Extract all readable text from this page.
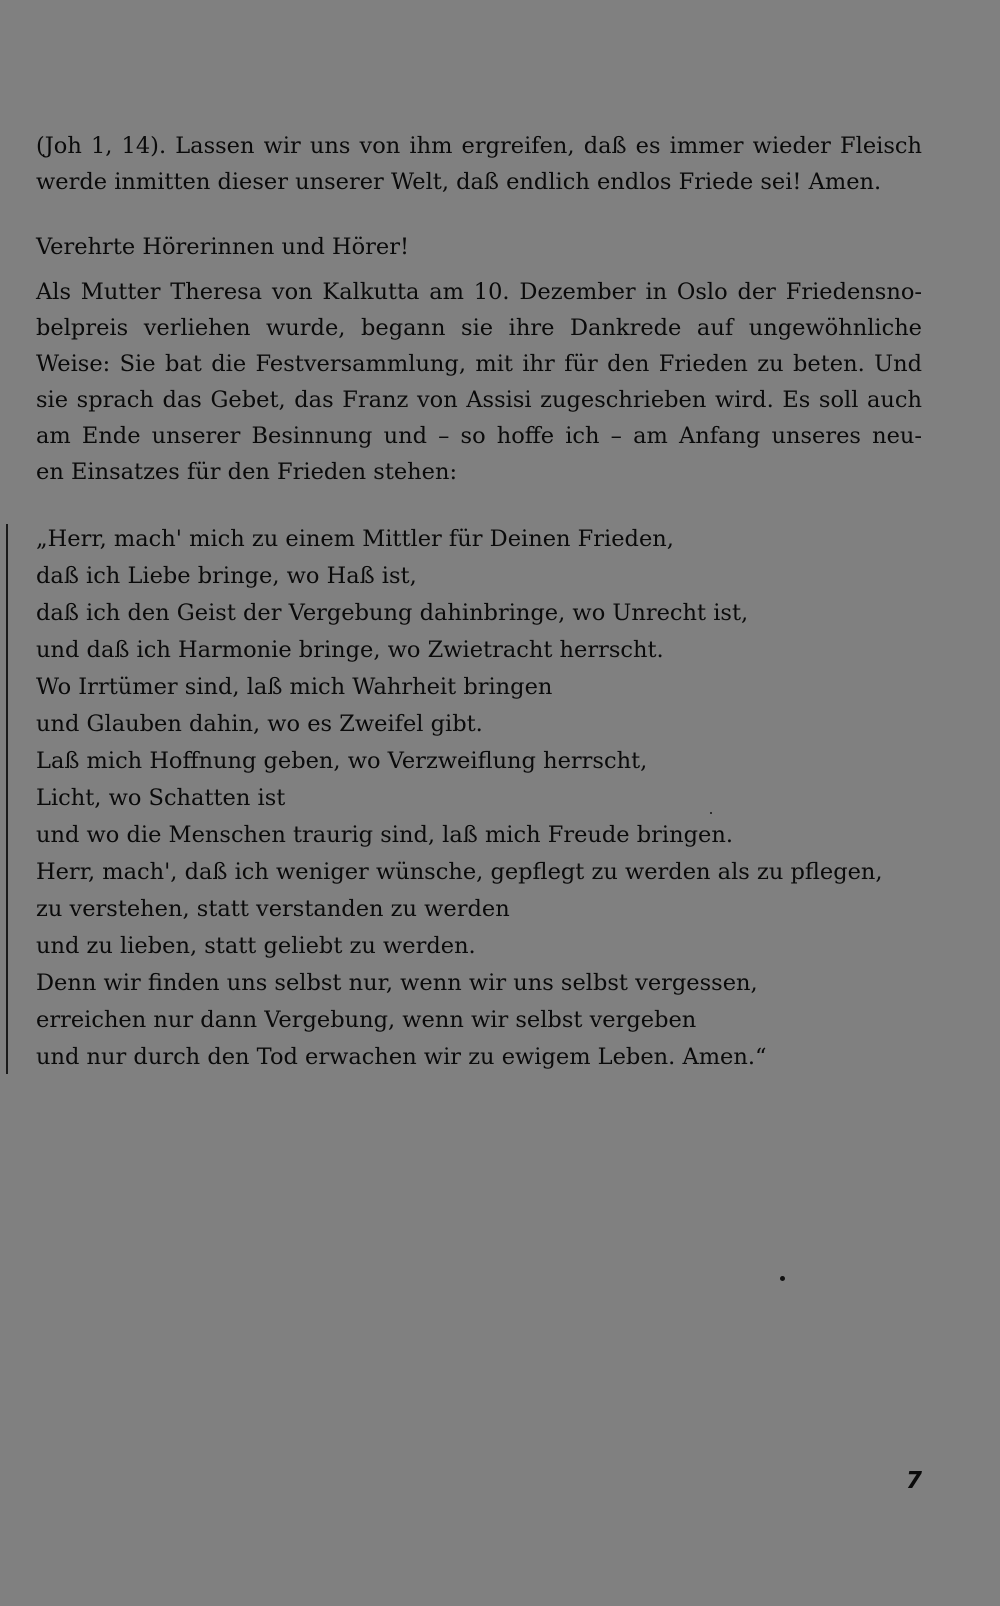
(Joh 1, 14). Lassen wir uns von ihm ergreifen, daß es immer wieder Fleisch
werde inmitten dieser unserer Welt, daß endlich endlos Friede sei! Amen.
Verehrte Hörerinnen und Hörer!
Als Mutter Theresa von Kalkutta am 10. Dezember in Oslo der Friedensno-
belpreis verliehen wurde, begann sie ihre Dankrede auf ungewöhnliche
Weise: Sie bat die Festversammlung, mit ihr für den Frieden zu beten. Und
sie sprach das Gebet, das Franz von Assisi zugeschrieben wird. Es soll auch
am Ende unserer Besinnung und – so hoffe ich – am Anfang unseres neu-
en Einsatzes für den Frieden stehen:
„Herr, mach' mich zu einem Mittler für Deinen Frieden,
daß ich Liebe bringe, wo Haß ist,
daß ich den Geist der Vergebung dahinbringe, wo Unrecht ist,
und daß ich Harmonie bringe, wo Zwietracht herrscht.
Wo Irrtümer sind, laß mich Wahrheit bringen
und Glauben dahin, wo es Zweifel gibt.
Laß mich Hoffnung geben, wo Verzweiflung herrscht,
Licht, wo Schatten ist
und wo die Menschen traurig sind, laß mich Freude bringen.
Herr, mach', daß ich weniger wünsche, gepflegt zu werden als zu pflegen,
zu verstehen, statt verstanden zu werden
und zu lieben, statt geliebt zu werden.
Denn wir finden uns selbst nur, wenn wir uns selbst vergessen,
erreichen nur dann Vergebung, wenn wir selbst vergeben
und nur durch den Tod erwachen wir zu ewigem Leben. Amen.“
7
